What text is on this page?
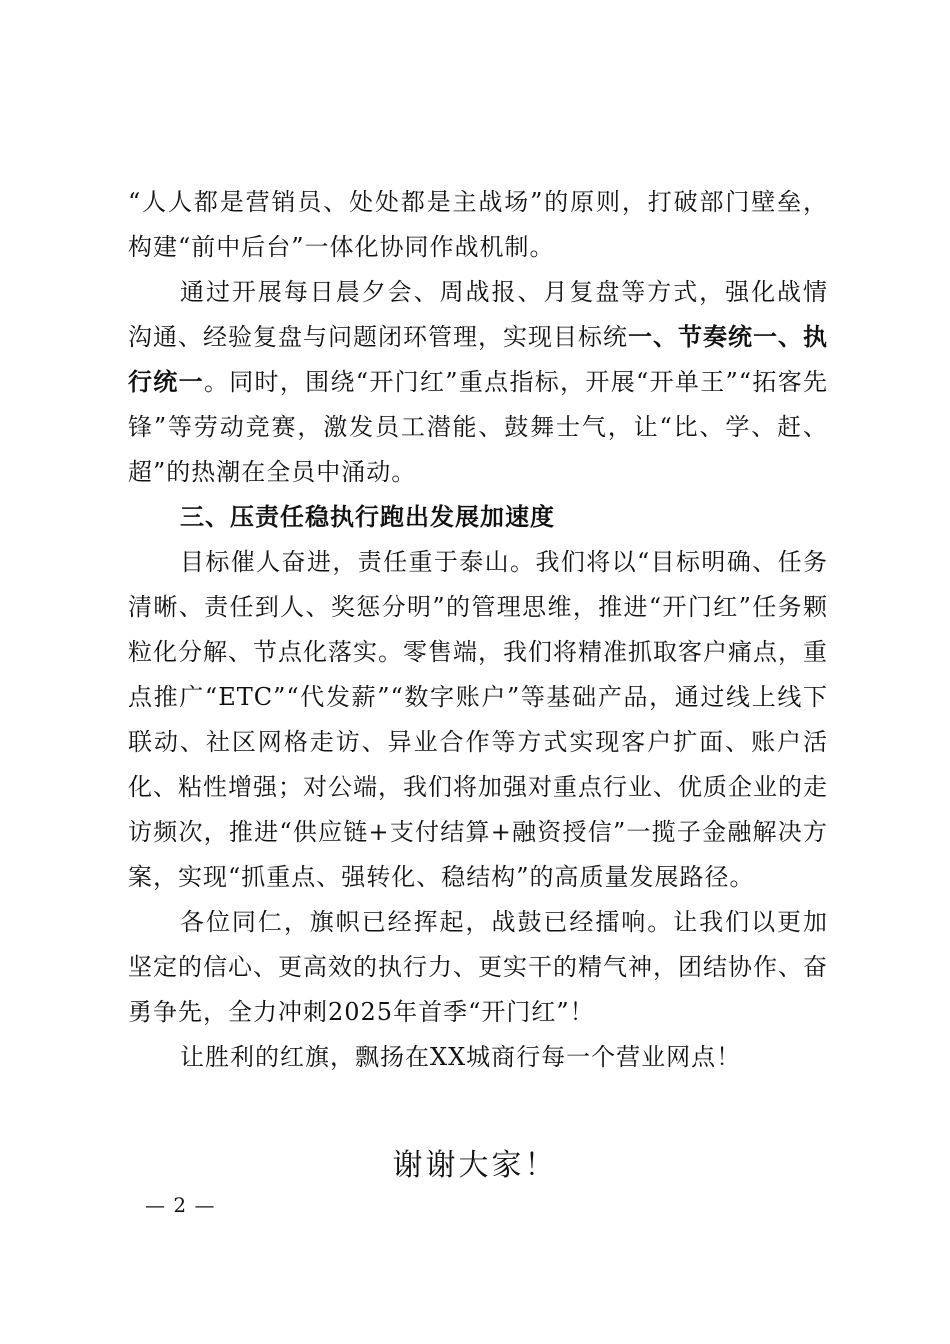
“人人都是营销员、处处都是主战场”的原则，打破部门壁垒，构建“前中后台”一体化协同作战机制。

通过开展每日晨夕会、周战报、月复盘等方式，强化战情沟通、经验复盘与问题闭环管理，实现目标统一、节奏统一、执行统一。同时，围绕“开门红”重点指标，开展“开单王”“拓客先锋”等劳动竞赛，激发员工潜能、鼓舞士气，让“比、学、赶、超”的热潮在全员中涌动。

三、压责任稳执行跑出发展加速度

目标催人奋进，责任重于泰山。我们将以“目标明确、任务清晰、责任到人、奖惩分明”的管理思维，推进“开门红”任务颗粒化分解、节点化落实。零售端，我们将精准抓取客户痛点，重点推广“ETC”“代发薪”“数字账户”等基础产品，通过线上线下联动、社区网格走访、异业合作等方式实现客户扩面、账户活化、粘性增强；对公端，我们将加强对重点行业、优质企业的走访频次，推进“供应链+支付结算+融资授信”一揽子金融解决方案，实现“抓重点、强转化、稳结构”的高质量发展路径。

各位同仁，旗帜已经挥起，战鼓已经擂响。让我们以更加坚定的信心、更高效的执行力、更实干的精气神，团结协作、奋勇争先，全力冲刺2025年首季“开门红”！

让胜利的红旗，飘扬在XX城商行每一个营业网点！

谢谢大家！
— 2 —
